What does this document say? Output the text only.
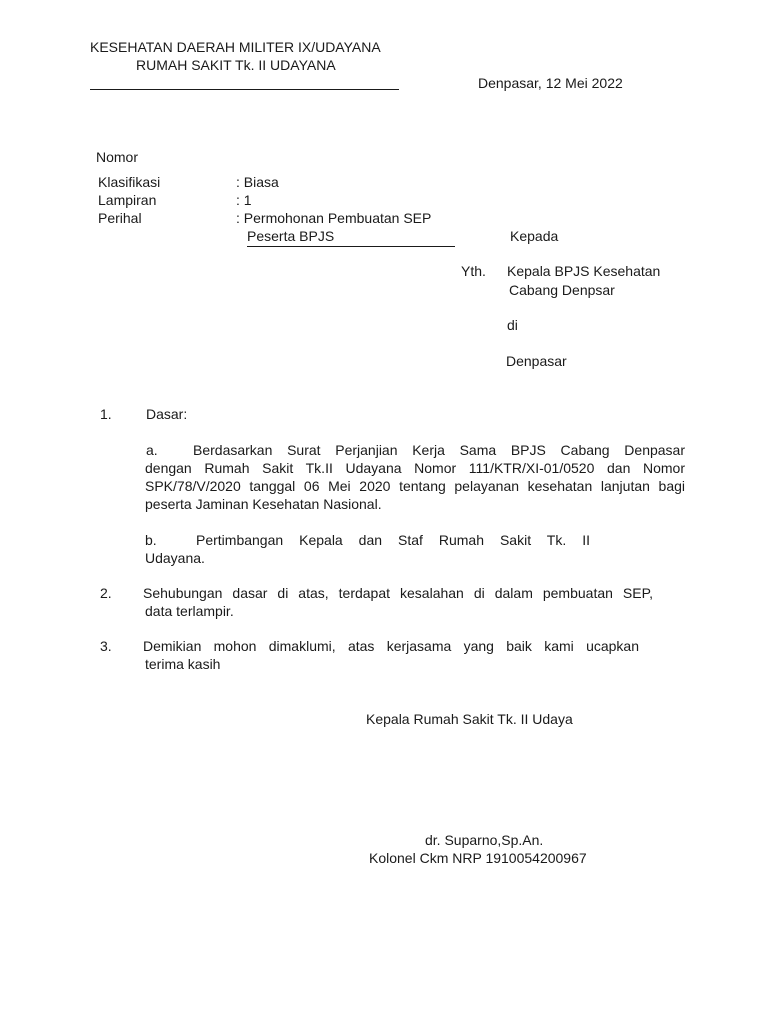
KESEHATAN DAERAH MILITER IX/UDAYANA
RUMAH SAKIT Tk. II UDAYANA
Denpasar, 12 Mei 2022
Nomor
Klasifikasi	: Biasa
Lampiran	: 1
Perihal	: Permohonan Pembuatan SEP
Peserta BPJS	Kepada
Yth. Kepala BPJS Kesehatan
Cabang Denpsar
di
Denpasar
1. Dasar:
a.	Berdasarkan Surat Perjanjian Kerja Sama BPJS Cabang Denpasar
dengan Rumah Sakit Tk.II Udayana Nomor 111/KTR/XI-01/0520 dan Nomor
SPK/78/V/2020 tanggal 06 Mei 2020 tentang pelayanan kesehatan lanjutan bagi
peserta Jaminan Kesehatan Nasional.
b.	Pertimbangan Kepala dan Staf Rumah Sakit Tk. II
Udayana.
2. Sehubungan dasar di atas, terdapat kesalahan di dalam pembuatan SEP,
data terlampir.
3. Demikian mohon dimaklumi, atas kerjasama yang baik kami ucapkan
terima kasih
Kepala Rumah Sakit Tk. II Udaya
dr. Suparno,Sp.An.
Kolonel Ckm NRP 1910054200967
